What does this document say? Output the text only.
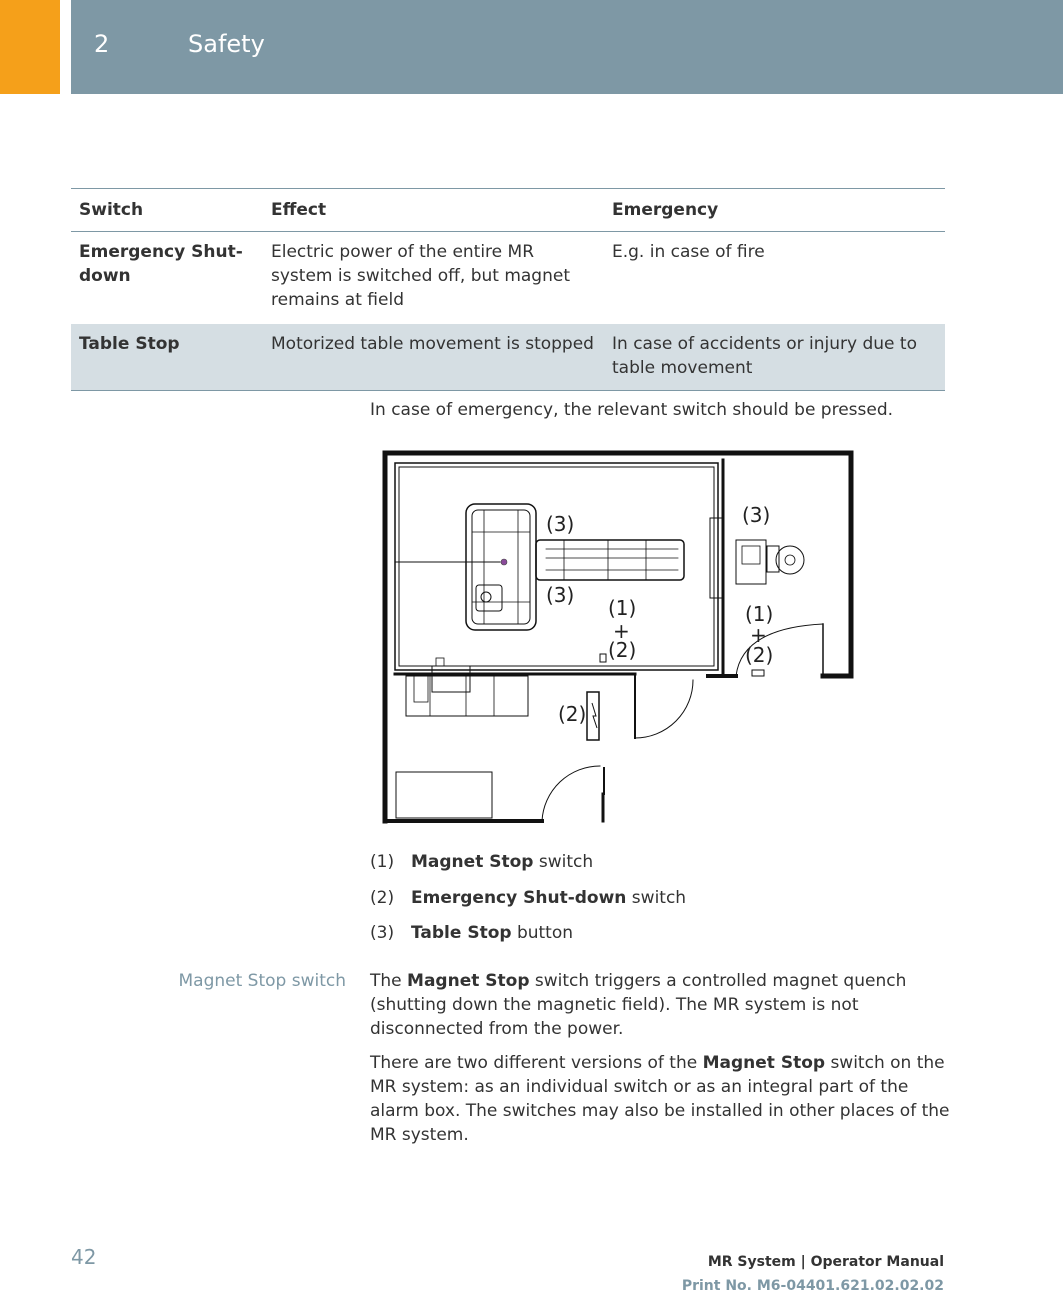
2	Safety
Switch	Effect	Emergency
Emergency Shut-down	Electric power of the entire MR system is switched off, but magnet remains at field	E.g. in case of fire
Table Stop	Motorized table movement is stopped	In case of accidents or injury due to table movement
In case of emergency, the relevant switch should be pressed.
(3)
(3)
(3)
(1)
+
(2)
(1)
+
(2)
(2)
(1) Magnet Stop switch
(2) Emergency Shut-down switch
(3) Table Stop button
Magnet Stop switch The Magnet Stop switch triggers a controlled magnet quench (shutting down the magnetic field). The MR system is not disconnected from the power.
There are two different versions of the Magnet Stop switch on the MR system: as an individual switch or as an integral part of the alarm box. The switches may also be installed in other places of the MR system.
42	MR System | Operator Manual
Print No. M6-04401.621.02.02.02
